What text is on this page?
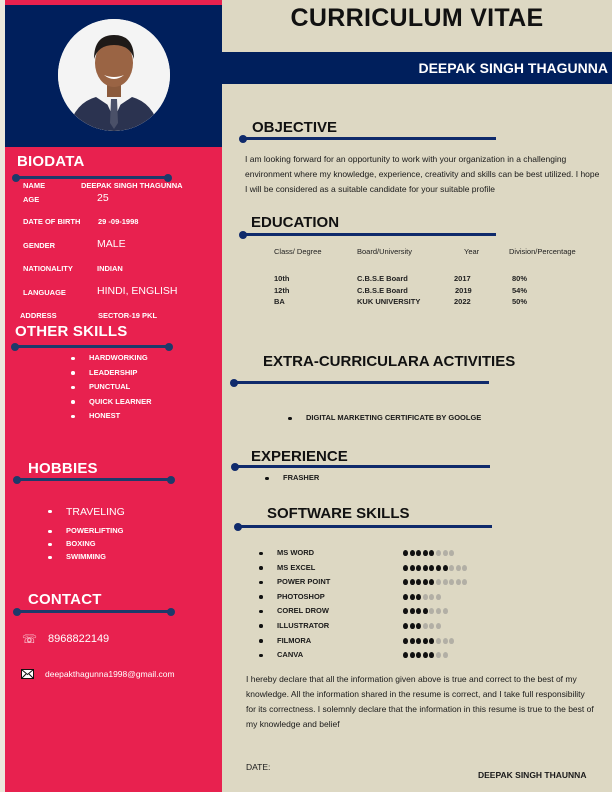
BIODATA
NAME	DEEPAK SINGH THAGUNNA
AGE	25
DATE OF BIRTH 29 -09-1998
GENDER	MALE
NATIONALITY	INDIAN
LANGUAGE	HINDI, ENGLISH
ADDRESS	SECTOR-19 PKL
OTHER SKILLS
HARDWORKING
LEADERSHIP
PUNCTUAL
QUICK LEARNER
HONEST
HOBBIES
TRAVELING
POWERLIFTING
BOXING
SWIMMING
CONTACT
☏ 8968822149
deepakthagunna1998@gmail.com
CURRICULUM VITAE
DEEPAK SINGH THAGUNNA
OBJECTIVE
I am looking forward for an opportunity to work with your organization in a challenging environment where my knowledge, experience, creativity and skills can be best utilized. I hope I will be considered as a suitable candidate for your suitable profile
EDUCATION
Class/ Degree	Board/University	Year	Division/Percentage
10th	C.B.S.E Board	2017	80%
12th	C.B.S.E Board	2019	54%
BA	KUK UNIVERSITY	2022	50%
EXTRA-CURRICULARA ACTIVITIES
DIGITAL MARKETING CERTIFICATE BY GOOLGE
EXPERIENCE
FRASHER
SOFTWARE SKILLS
MS WORD
MS EXCEL
POWER POINT
PHOTOSHOP
COREL DROW
ILLUSTRATOR
FILMORA
CANVA
I hereby declare that all the information given above is true and correct to the best of my knowledge. All the information shared in the resume is correct, and I take full responsibility for its correctness. I solemnly declare that the information in this resume is true to the best of my knowledge and belief
DATE:
DEEPAK SINGH THAUNNA
